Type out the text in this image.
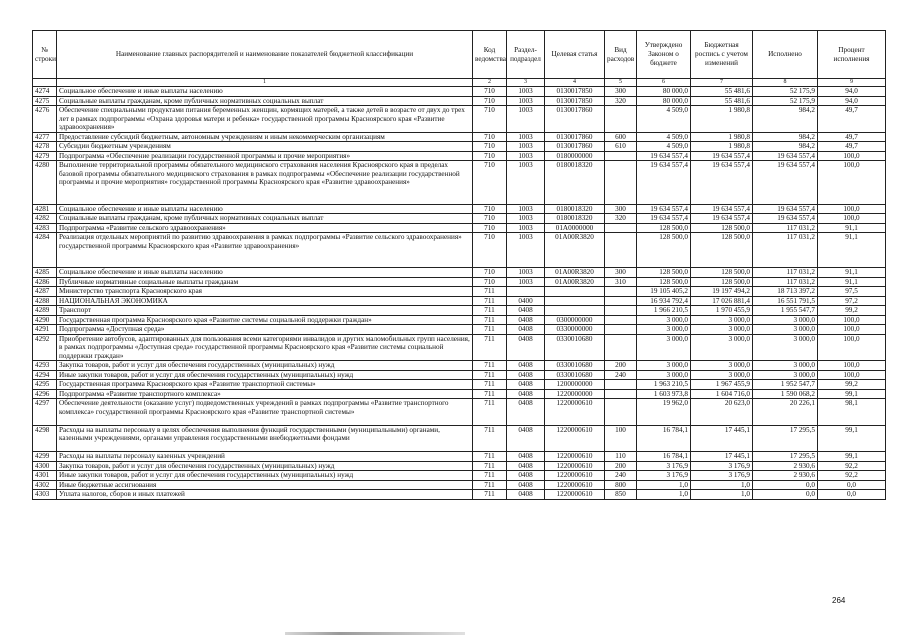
№ строки	Наименование главных распорядителей и наименование показателей бюджетной классификации	Код ведомства	Раздел-подраздел	Целевая статья	Вид расходов	Утверждено Законом о бюджете	Бюджетная роспись с учетом изменений	Исполнено	Процент исполнения
	1	2	3	4	5	6	7	8	9
4274	Социальное обеспечение и иные выплаты населению	710	1003	0130017850	300	80 000,0	55 481,6	52 175,9	94,0
4275	Социальные выплаты гражданам, кроме публичных нормативных социальных выплат	710	1003	0130017850	320	80 000,0	55 481,6	52 175,9	94,0
4276	Обеспечение специальными продуктами питания беременных женщин, кормящих матерей, а также детей в возрасте от двух до трех лет в рамках подпрограммы «Охрана здоровья матери и ребенка» государственной программы Красноярского края «Развитие здравоохранения»	710	1003	0130017860		4 509,0	1 980,8	984,2	49,7
4277	Предоставление субсидий бюджетным, автономным учреждениям и иным некоммерческим организациям	710	1003	0130017860	600	4 509,0	1 980,8	984,2	49,7
4278	Субсидии бюджетным учреждениям	710	1003	0130017860	610	4 509,0	1 980,8	984,2	49,7
4279	Подпрограмма «Обеспечение реализации государственной программы и прочие мероприятия»	710	1003	0180000000		19 634 557,4	19 634 557,4	19 634 557,4	100,0
4280	Выполнение территориальной программы обязательного медицинского страхования населения Красноярского края в пределах базовой программы обязательного медицинского страхования в рамках подпрограммы «Обеспечение реализации государственной программы и прочие мероприятия» государственной программы Красноярского края «Развитие здравоохранения»	710	1003	0180018320		19 634 557,4	19 634 557,4	19 634 557,4	100,0
4281	Социальное обеспечение и иные выплаты населению	710	1003	0180018320	300	19 634 557,4	19 634 557,4	19 634 557,4	100,0
4282	Социальные выплаты гражданам, кроме публичных нормативных социальных выплат	710	1003	0180018320	320	19 634 557,4	19 634 557,4	19 634 557,4	100,0
4283	Подпрограмма «Развитие сельского здравоохранения»	710	1003	01А0000000		128 500,0	128 500,0	117 031,2	91,1
4284	Реализация отдельных мероприятий по развитию здравоохранения в рамках подпрограммы «Развитие сельского здравоохранения» государственной программы Красноярского края «Развитие здравоохранения»	710	1003	01А00R3820		128 500,0	128 500,0	117 031,2	91,1
4285	Социальное обеспечение и иные выплаты населению	710	1003	01А00R3820	300	128 500,0	128 500,0	117 031,2	91,1
4286	Публичные нормативные социальные выплаты гражданам	710	1003	01А00R3820	310	128 500,0	128 500,0	117 031,2	91,1
4287	Министерство транспорта Красноярского края	711				19 105 405,2	19 197 494,2	18 713 397,2	97,5
4288	НАЦИОНАЛЬНАЯ ЭКОНОМИКА	711	0400			16 934 792,4	17 026 881,4	16 551 791,5	97,2
4289	Транспорт	711	0408			1 966 210,5	1 970 455,9	1 955 547,7	99,2
4290	Государственная программа Красноярского края «Развитие системы социальной поддержки граждан»	711	0408	0300000000		3 000,0	3 000,0	3 000,0	100,0
4291	Подпрограмма «Доступная среда»	711	0408	0330000000		3 000,0	3 000,0	3 000,0	100,0
4292	Приобретение автобусов, адаптированных для пользования всеми категориями инвалидов и других маломобильных групп населения, в рамках подпрограммы «Доступная среда» государственной программы Красноярского края «Развитие системы социальной поддержки граждан»	711	0408	0330010680		3 000,0	3 000,0	3 000,0	100,0
4293	Закупка товаров, работ и услуг для обеспечения государственных (муниципальных) нужд	711	0408	0330010680	200	3 000,0	3 000,0	3 000,0	100,0
4294	Иные закупки товаров, работ и услуг для обеспечения государственных (муниципальных) нужд	711	0408	0330010680	240	3 000,0	3 000,0	3 000,0	100,0
4295	Государственная программа Красноярского края «Развитие транспортной системы»	711	0408	1200000000		1 963 210,5	1 967 455,9	1 952 547,7	99,2
4296	Подпрограмма «Развитие транспортного комплекса»	711	0408	1220000000		1 603 973,8	1 604 716,0	1 590 068,2	99,1
4297	Обеспечение деятельности (оказание услуг) подведомственных учреждений в рамках подпрограммы «Развитие транспортного комплекса» государственной программы Красноярского края «Развитие транспортной системы»	711	0408	1220000610		19 962,0	20 623,0	20 226,1	98,1
4298	Расходы на выплаты персоналу в целях обеспечения выполнения функций государственными (муниципальными) органами, казенными учреждениями, органами управления государственными внебюджетными фондами	711	0408	1220000610	100	16 784,1	17 445,1	17 295,5	99,1
4299	Расходы на выплаты персоналу казенных учреждений	711	0408	1220000610	110	16 784,1	17 445,1	17 295,5	99,1
4300	Закупка товаров, работ и услуг для обеспечения государственных (муниципальных) нужд	711	0408	1220000610	200	3 176,9	3 176,9	2 930,6	92,2
4301	Иные закупки товаров, работ и услуг для обеспечения государственных (муниципальных) нужд	711	0408	1220000610	240	3 176,9	3 176,9	2 930,6	92,2
4302	Иные бюджетные ассигнования	711	0408	1220000610	800	1,0	1,0	0,0	0,0
4303	Уплата налогов, сборов и иных платежей	711	0408	1220000610	850	1,0	1,0	0,0	0,0
264
